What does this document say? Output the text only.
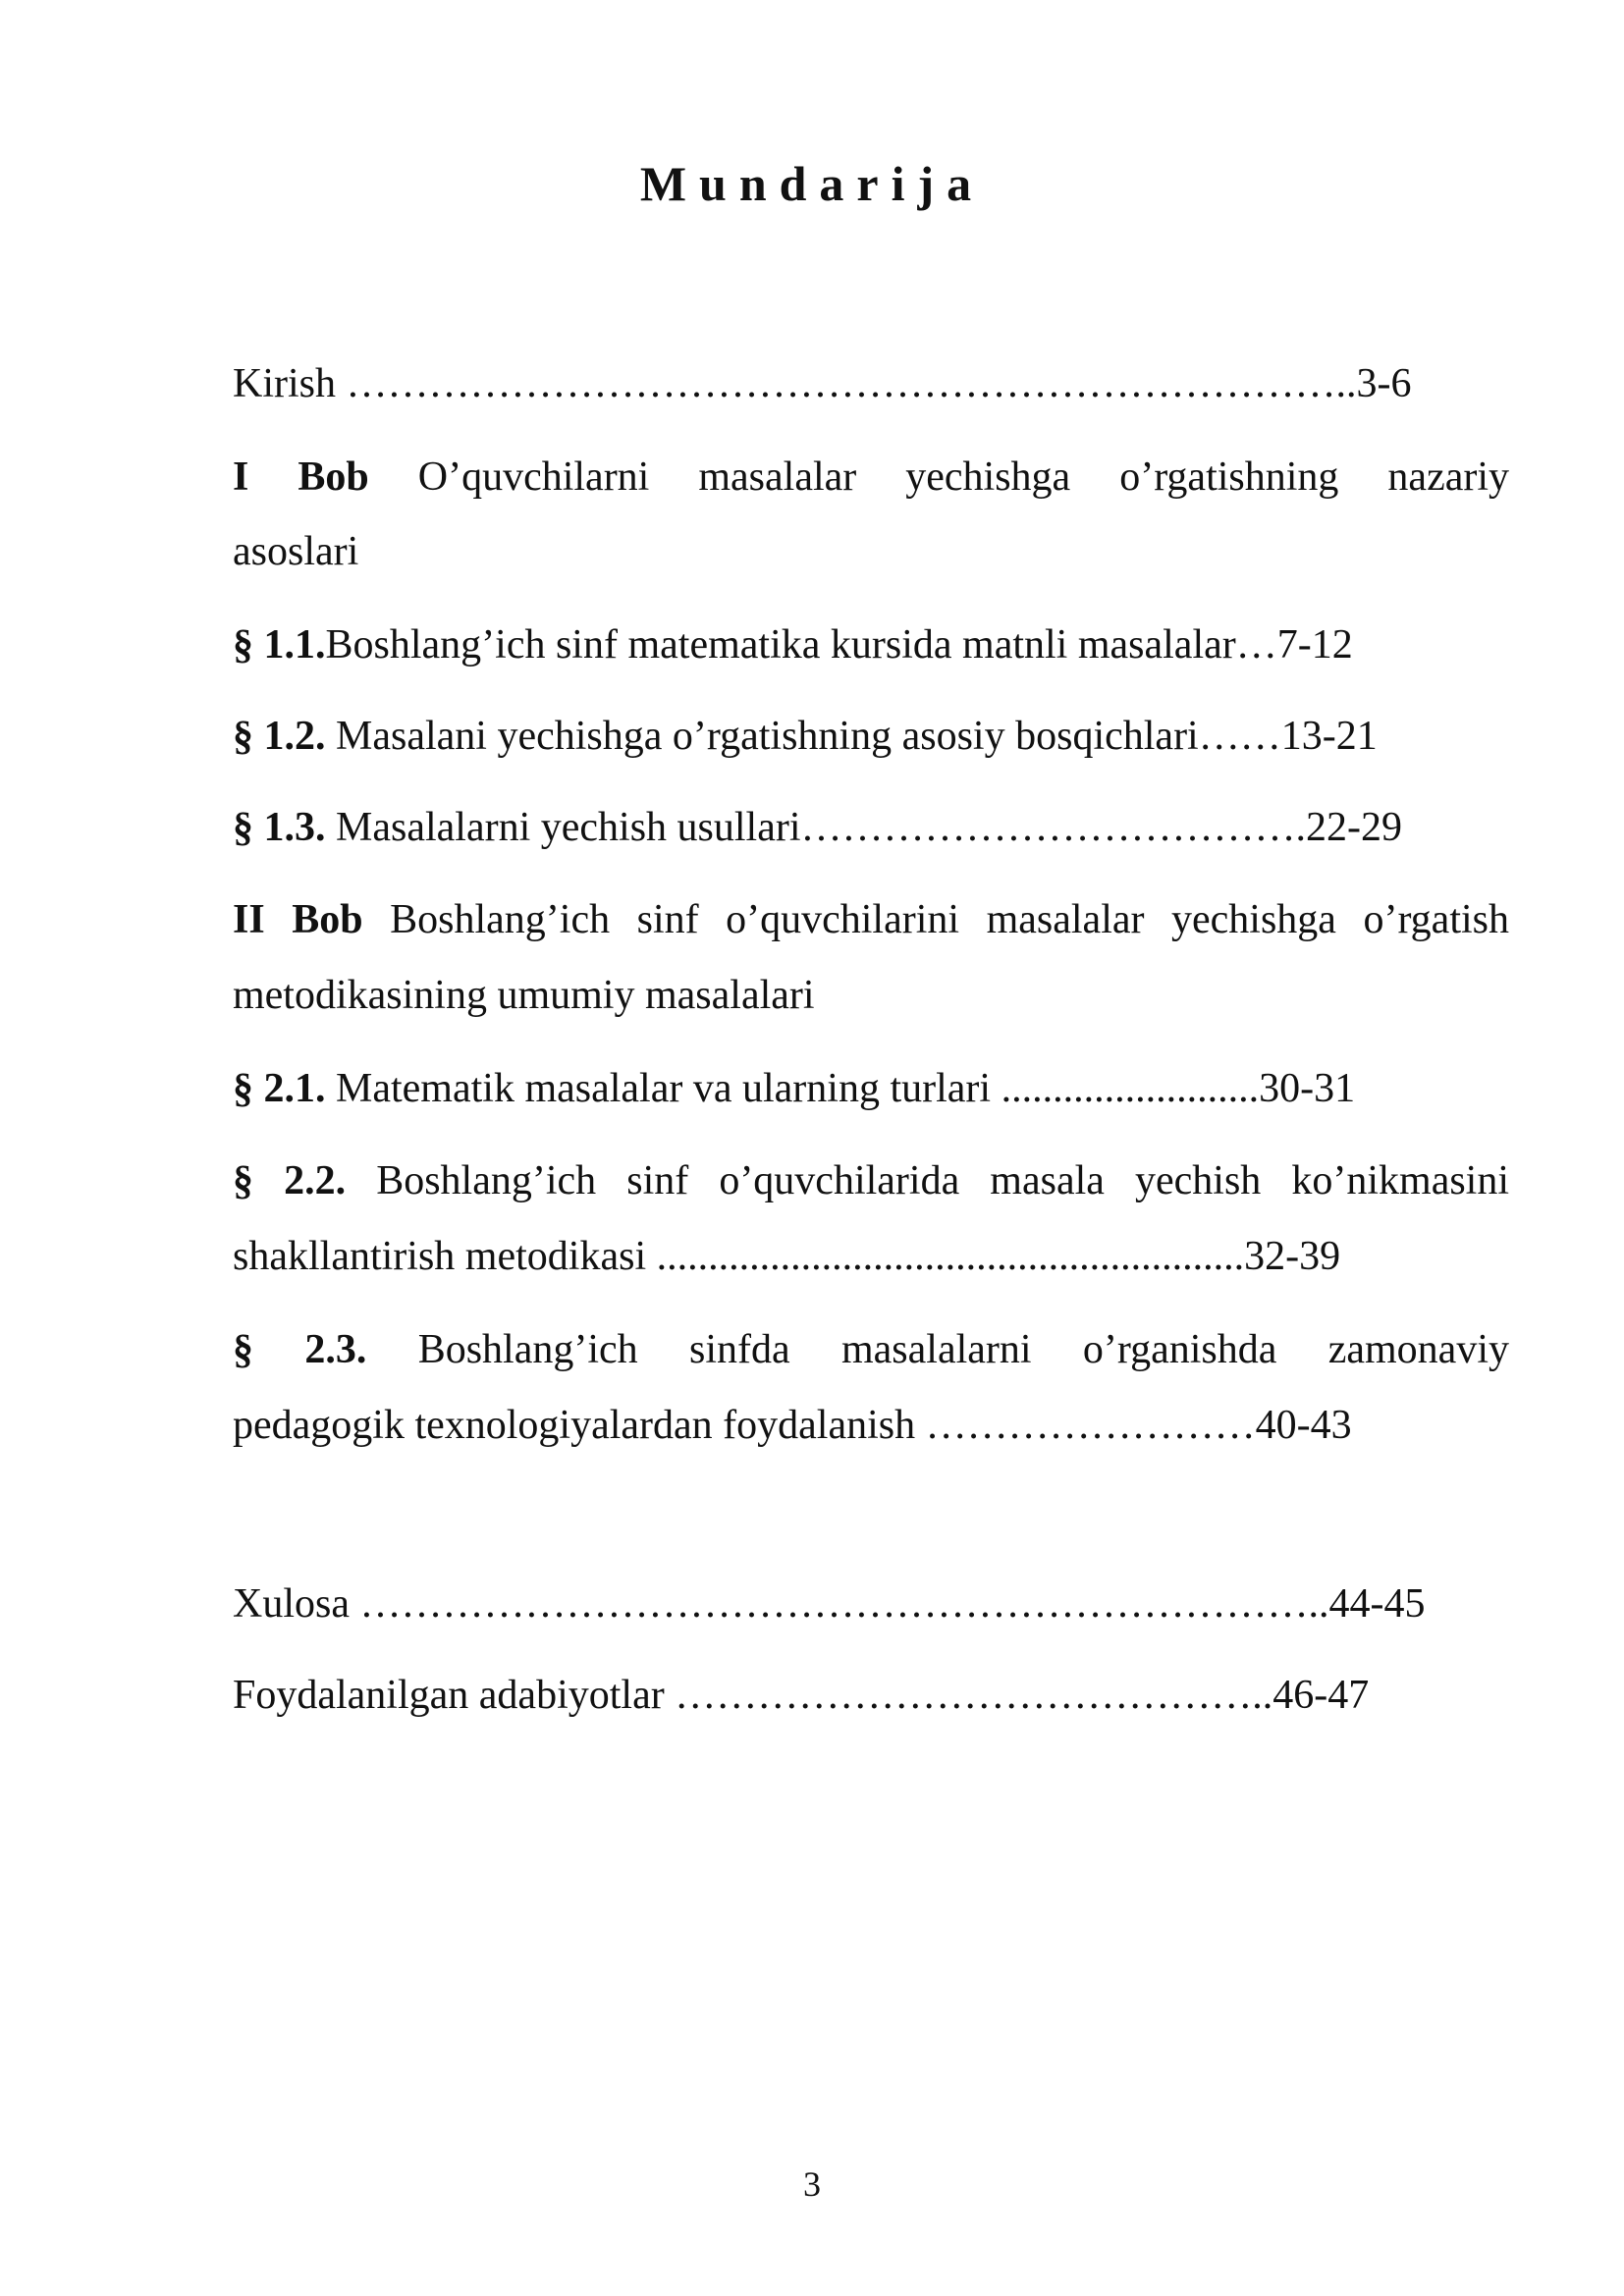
Mundarija
Kirish ………………………………………………………………..3-6
I Bob O’quvchilarni masalalar yechishga o’rgatishning nazariy
asoslari
§ 1.1.Boshlang’ich sinf matematika kursida matnli masalalar…7-12
§ 1.2. Masalani yechishga o’rgatishning asosiy bosqichlari……13-21
§ 1.3. Masalalarni yechish usullari……………………………….22-29
II Bob Boshlang’ich sinf o’quvchilarini masalalar yechishga o’rgatish
metodikasining umumiy masalalari
§ 2.1. Matematik masalalar va ularning turlari .........................30-31
§ 2.2. Boshlang’ich sinf o’quvchilarida masala yechish ko’nikmasini
shakllantirish metodikasi .........................................................32-39
§ 2.3. Boshlang’ich sinfda masalalarni o’rganishda zamonaviy
pedagogik texnologiyalardan foydalanish ……………………40-43
Xulosa ……………………………………………………………..44-45
Foydalanilgan adabiyotlar ……………………………………..46-47
3
